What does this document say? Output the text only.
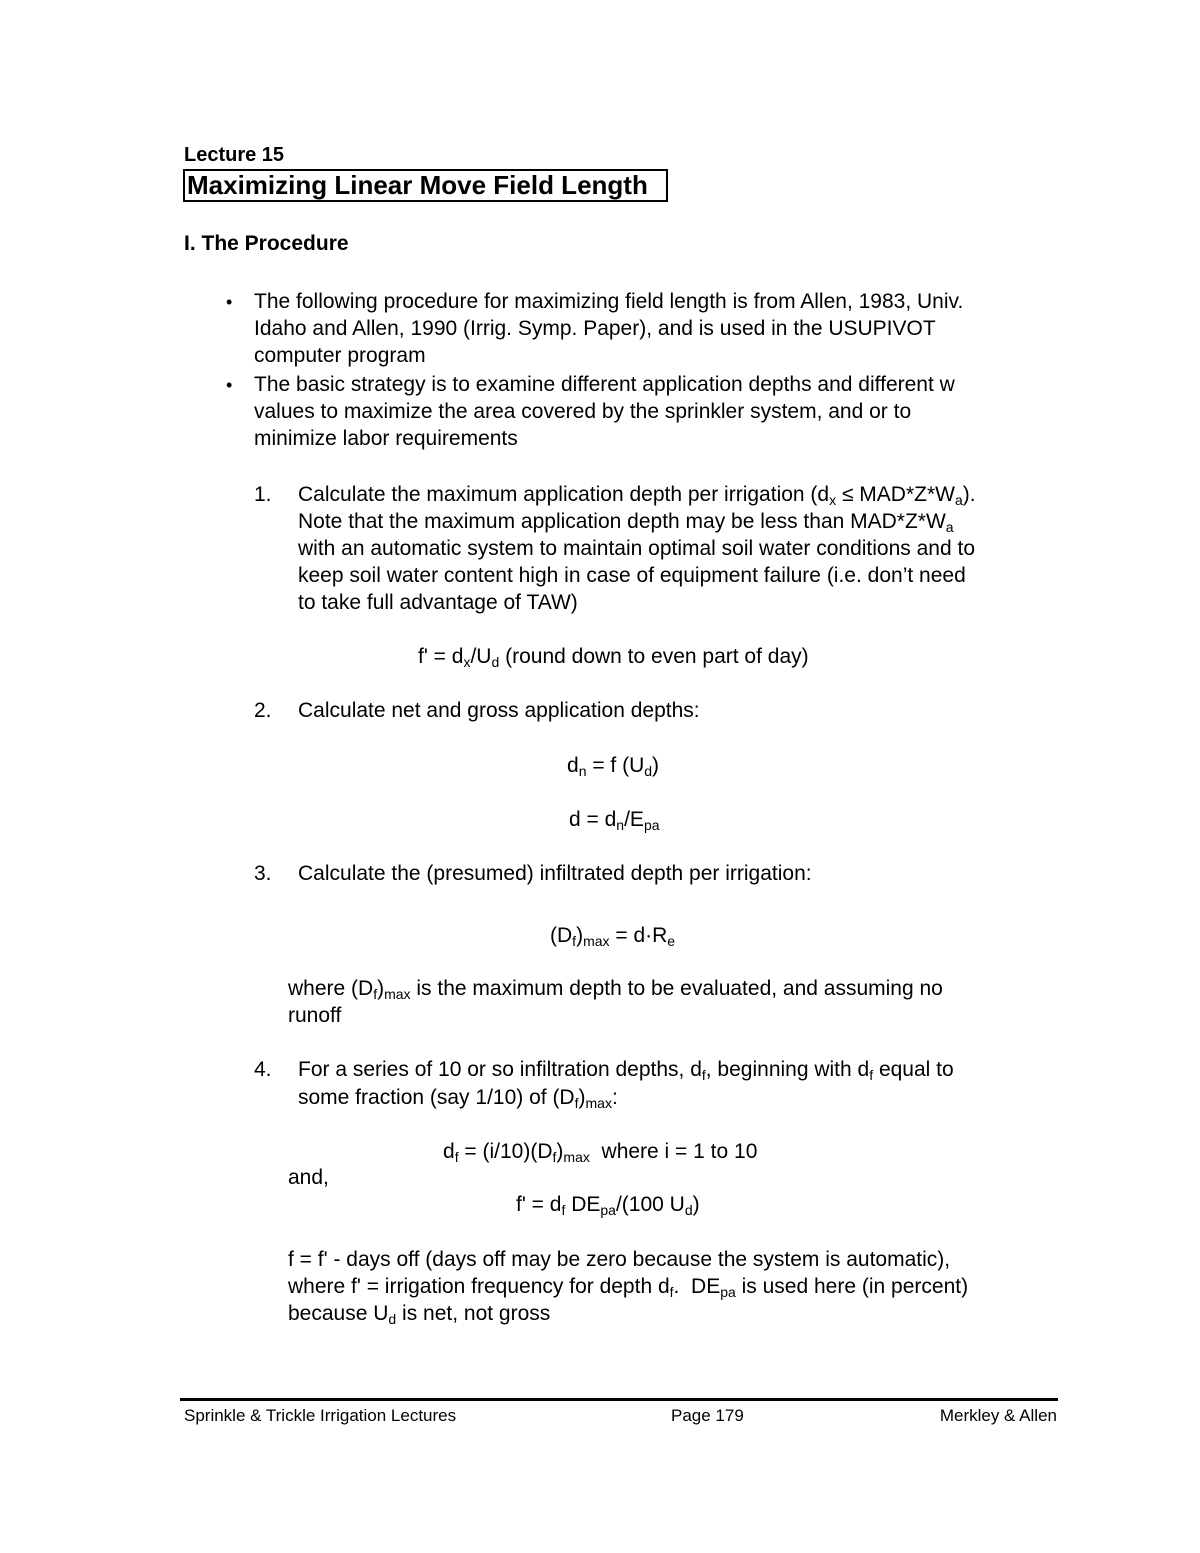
Lecture 15
Maximizing Linear Move Field Length
I. The Procedure
• The following procedure for maximizing field length is from Allen, 1983, Univ.
Idaho and Allen, 1990 (Irrig. Symp. Paper), and is used in the USUPIVOT
computer program
• The basic strategy is to examine different application depths and different w
values to maximize the area covered by the sprinkler system, and or to
minimize labor requirements
1. Calculate the maximum application depth per irrigation $(d_x \le MAD*Z*W_a)$.
Note that the maximum application depth may be less than $MAD*Z*W_a$
with an automatic system to maintain optimal soil water conditions and to
keep soil water content high in case of equipment failure (i.e. don’t need
to take full advantage of TAW)
$f' = d_x/U_d$ (round down to even part of day)
2. Calculate net and gross application depths:
$d_n = f$ $(U_d)$
$d = d_n/E_{pa}$
3. Calculate the (presumed) infiltrated depth per irrigation:
$(D_f)_{max} = d\cdot R_e$
where $(D_f)_{max}$ is the maximum depth to be evaluated, and assuming no
runoff
4. For a series of 10 or so infiltration depths, $d_f$, beginning with $d_f$ equal to
some fraction (say 1/10) of $(D_f)_{max}$:
$d_f = (i/10)(D_f)_{max}$  where i = 1 to 10
and,
$f' = d_f$ $DE_{pa}/(100$ $U_d$)
f = f' - days off (days off may be zero because the system is automatic),
where f' = irrigation frequency for depth $d_f$.  $DE_{pa}$ is used here (in percent)
because $U_d$ is net, not gross
Sprinkle & Trickle Irrigation Lectures	Page 179	Merkley & Allen
